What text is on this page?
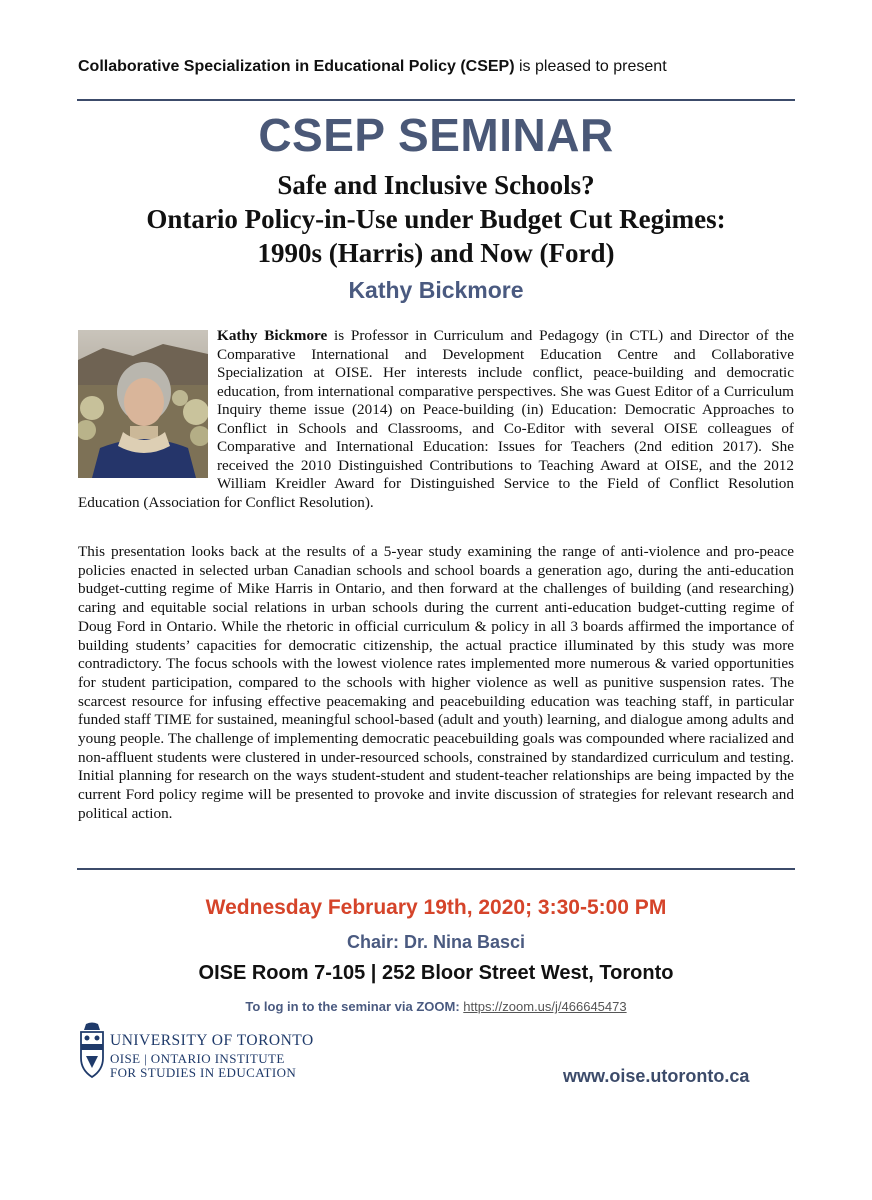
Collaborative Specialization in Educational Policy (CSEP) is pleased to present
CSEP SEMINAR
Safe and Inclusive Schools?
Ontario Policy-in-Use under Budget Cut Regimes:
1990s (Harris) and Now (Ford)
Kathy Bickmore
Kathy Bickmore is Professor in Curriculum and Pedagogy (in CTL) and Director of the Comparative International and Development Education Centre and Collaborative Specialization at OISE. Her interests include conflict, peace-building and democratic education, from international comparative perspectives. She was Guest Editor of a Curriculum Inquiry theme issue (2014) on Peace-building (in) Education: Democratic Approaches to Conflict in Schools and Classrooms, and Co-Editor with several OISE colleagues of Comparative and International Education: Issues for Teachers (2nd edition 2017). She received the 2010 Distinguished Contributions to Teaching Award at OISE, and the 2012 William Kreidler Award for Distinguished Service to the Field of Conflict Resolution Education (Association for Conflict Resolution).
This presentation looks back at the results of a 5-year study examining the range of anti-violence and pro-peace policies enacted in selected urban Canadian schools and school boards a generation ago, during the anti-education budget-cutting regime of Mike Harris in Ontario, and then forward at the challenges of building (and researching) caring and equitable social relations in urban schools during the current anti-education budget-cutting regime of Doug Ford in Ontario. While the rhetoric in official curriculum & policy in all 3 boards affirmed the importance of building students’ capacities for democratic citizenship, the actual practice illuminated by this study was more contradictory. The focus schools with the lowest violence rates implemented more numerous & varied opportunities for student participation, compared to the schools with higher violence as well as punitive suspension rates. The scarcest resource for infusing effective peacemaking and peacebuilding education was teaching staff, in particular funded staff TIME for sustained, meaningful school-based (adult and youth) learning, and dialogue among adults and young people. The challenge of implementing democratic peacebuilding goals was compounded where racialized and non-affluent students were clustered in under-resourced schools, constrained by standardized curriculum and testing. Initial planning for research on the ways student-student and student-teacher relationships are being impacted by the current Ford policy regime will be presented to provoke and invite discussion of strategies for relevant research and political action.
Wednesday February 19th, 2020; 3:30-5:00 PM
Chair: Dr. Nina Basci
OISE Room 7-105 | 252 Bloor Street West, Toronto
To log in to the seminar via ZOOM: https://zoom.us/j/466645473
UNIVERSITY OF TORONTO
OISE | ONTARIO INSTITUTE
FOR STUDIES IN EDUCATION	www.oise.utoronto.ca
